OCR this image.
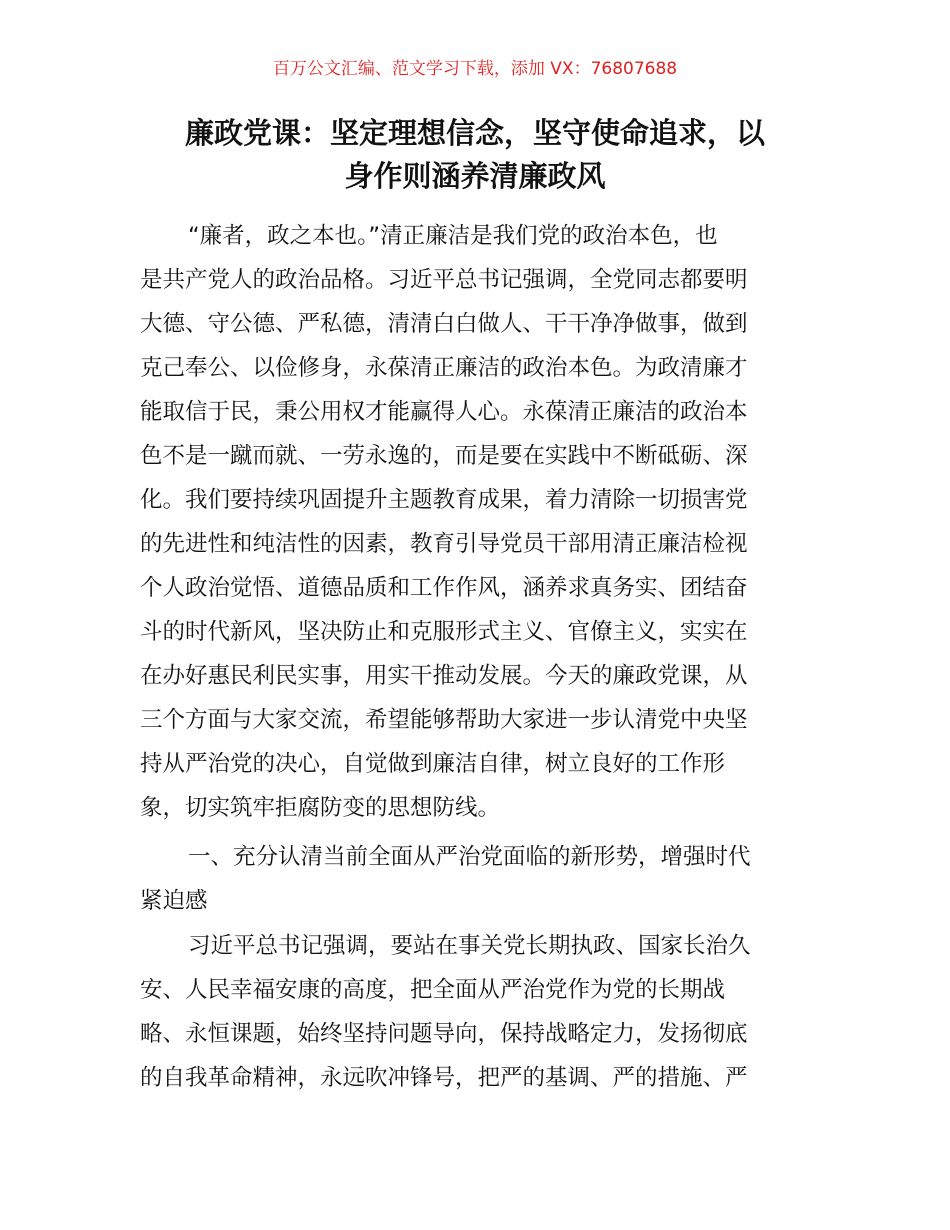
百万公文汇编、范文学习下载，添加 VX：76807688
廉政党课：坚定理想信念，坚守使命追求，以
身作则涵养清廉政风
“廉者，政之本也。”清正廉洁是我们党的政治本色，也
是共产党人的政治品格。习近平总书记强调，全党同志都要明
大德、守公德、严私德，清清白白做人、干干净净做事，做到
克己奉公、以俭修身，永葆清正廉洁的政治本色。为政清廉才
能取信于民，秉公用权才能赢得人心。永葆清正廉洁的政治本
色不是一蹴而就、一劳永逸的，而是要在实践中不断砥砺、深
化。我们要持续巩固提升主题教育成果，着力清除一切损害党
的先进性和纯洁性的因素，教育引导党员干部用清正廉洁检视
个人政治觉悟、道德品质和工作作风，涵养求真务实、团结奋
斗的时代新风，坚决防止和克服形式主义、官僚主义，实实在
在办好惠民利民实事，用实干推动发展。今天的廉政党课，从
三个方面与大家交流，希望能够帮助大家进一步认清党中央坚
持从严治党的决心，自觉做到廉洁自律，树立良好的工作形
象，切实筑牢拒腐防变的思想防线。
一、充分认清当前全面从严治党面临的新形势，增强时代
紧迫感
习近平总书记强调，要站在事关党长期执政、国家长治久
安、人民幸福安康的高度，把全面从严治党作为党的长期战
略、永恒课题，始终坚持问题导向，保持战略定力，发扬彻底
的自我革命精神，永远吹冲锋号，把严的基调、严的措施、严
